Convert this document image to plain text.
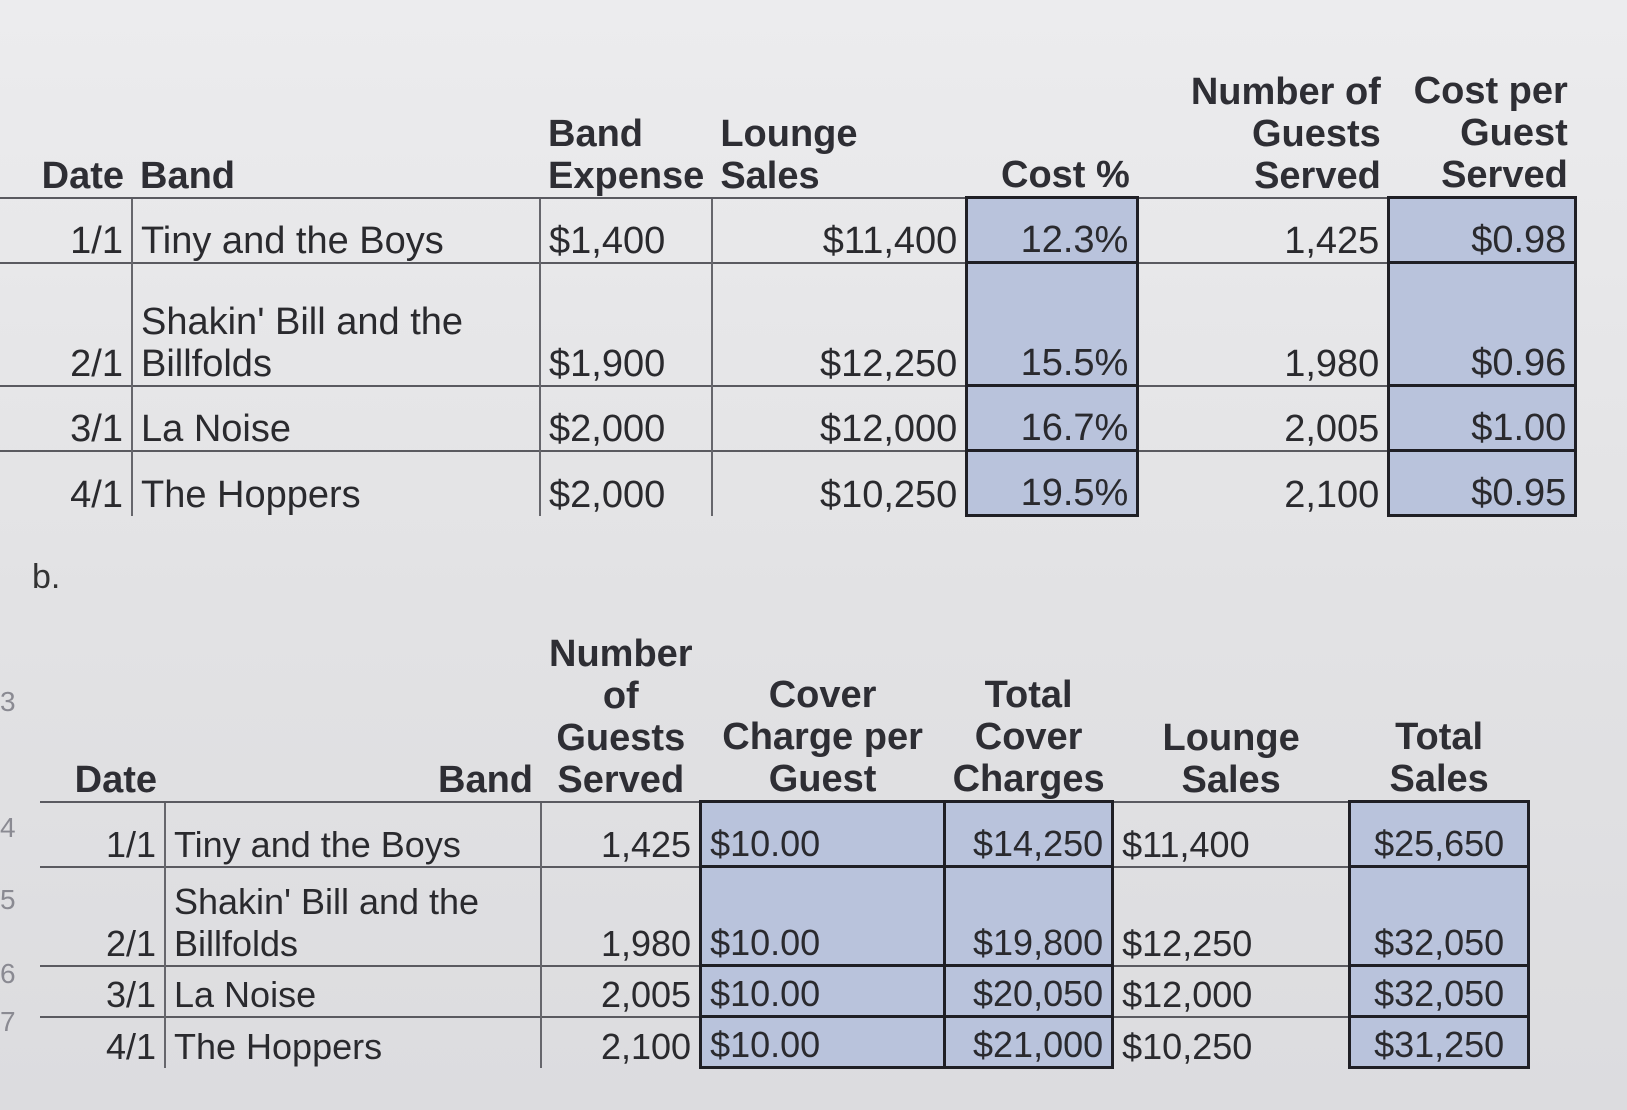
Date	Band	Band Expense	Lounge Sales	Cost %	Number of Guests Served	Cost per Guest Served
1/1	Tiny and the Boys	$1,400	$11,400	12.3%	1,425	$0.98
2/1	Shakin' Bill and the Billfolds	$1,900	$12,250	15.5%	1,980	$0.96
3/1	La Noise	$2,000	$12,000	16.7%	2,005	$1.00
4/1	The Hoppers	$2,000	$10,250	19.5%	2,100	$0.95
b.
3
4
5
6
7
Date	Band	Number of Guests Served	Cover Charge per Guest	Total Cover Charges	Lounge Sales	Total Sales
1/1	Tiny and the Boys	1,425	$10.00	$14,250	$11,400	$25,650
2/1	Shakin' Bill and the Billfolds	1,980	$10.00	$19,800	$12,250	$32,050
3/1	La Noise	2,005	$10.00	$20,050	$12,000	$32,050
4/1	The Hoppers	2,100	$10.00	$21,000	$10,250	$31,250
